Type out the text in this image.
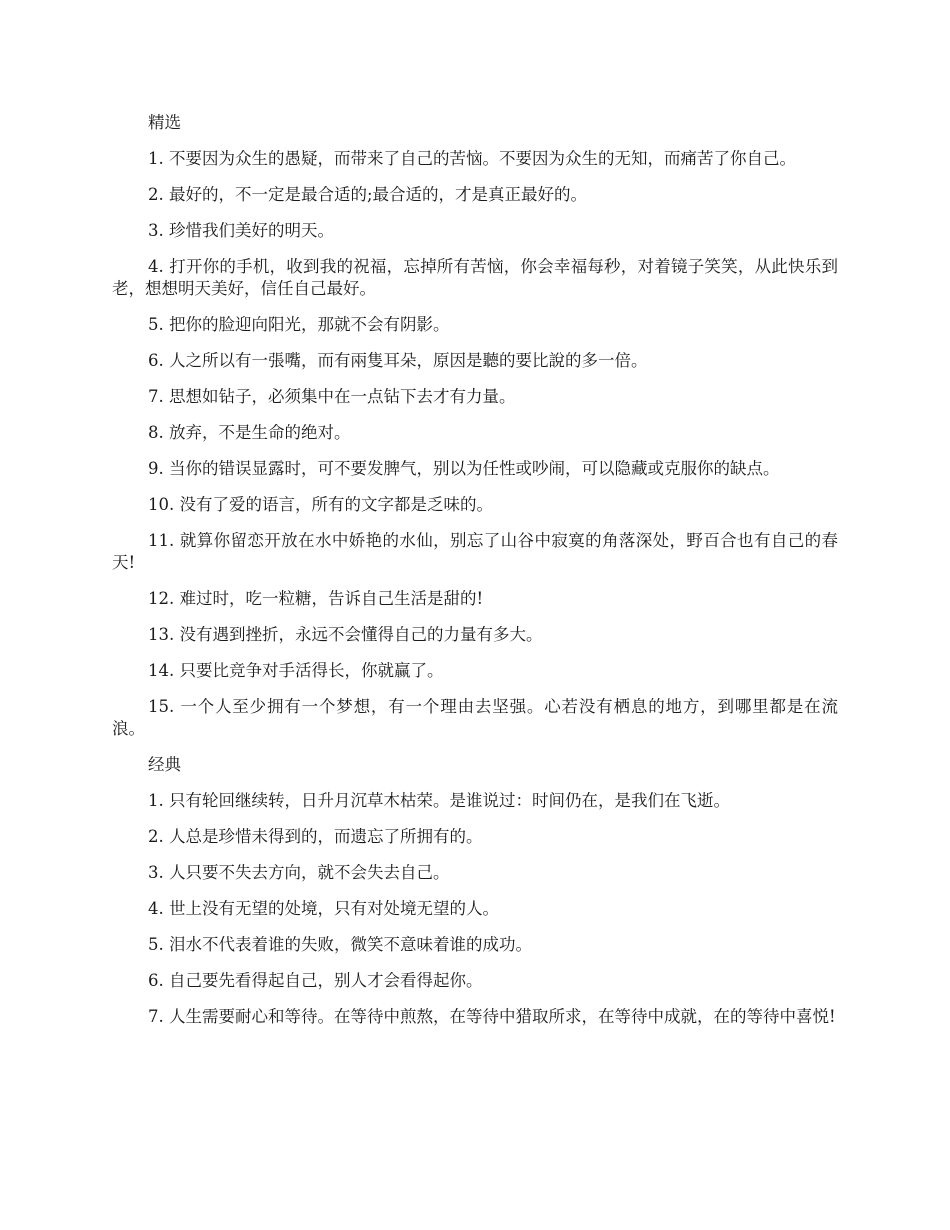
精选

1. 不要因为众生的愚疑，而带来了自己的苦恼。不要因为众生的无知，而痛苦了你自己。

2. 最好的，不一定是最合适的;最合适的，才是真正最好的。

3. 珍惜我们美好的明天。

4. 打开你的手机，收到我的祝福，忘掉所有苦恼，你会幸福每秒，对着镜子笑笑，从此快乐到老，想想明天美好，信任自己最好。

5. 把你的脸迎向阳光，那就不会有阴影。

6. 人之所以有一張嘴，而有兩隻耳朵，原因是聽的要比說的多一倍。

7. 思想如钻子，必须集中在一点钻下去才有力量。

8. 放弃，不是生命的绝对。

9. 当你的错误显露时，可不要发脾气，别以为任性或吵闹，可以隐藏或克服你的缺点。

10. 没有了爱的语言，所有的文字都是乏味的。

11. 就算你留恋开放在水中娇艳的水仙，别忘了山谷中寂寞的角落深处，野百合也有自己的春天!

12. 难过时，吃一粒糖，告诉自己生活是甜的!

13. 没有遇到挫折，永远不会懂得自己的力量有多大。

14. 只要比竞争对手活得长，你就赢了。

15. 一个人至少拥有一个梦想，有一个理由去坚强。心若没有栖息的地方，到哪里都是在流浪。

经典

1. 只有轮回继续转，日升月沉草木枯荣。是谁说过：时间仍在，是我们在飞逝。

2. 人总是珍惜未得到的，而遗忘了所拥有的。

3. 人只要不失去方向，就不会失去自己。

4. 世上没有无望的处境，只有对处境无望的人。

5. 泪水不代表着谁的失败，微笑不意味着谁的成功。

6. 自己要先看得起自己，别人才会看得起你。

7. 人生需要耐心和等待。在等待中煎熬，在等待中猎取所求，在等待中成就，在的等待中喜悦!
